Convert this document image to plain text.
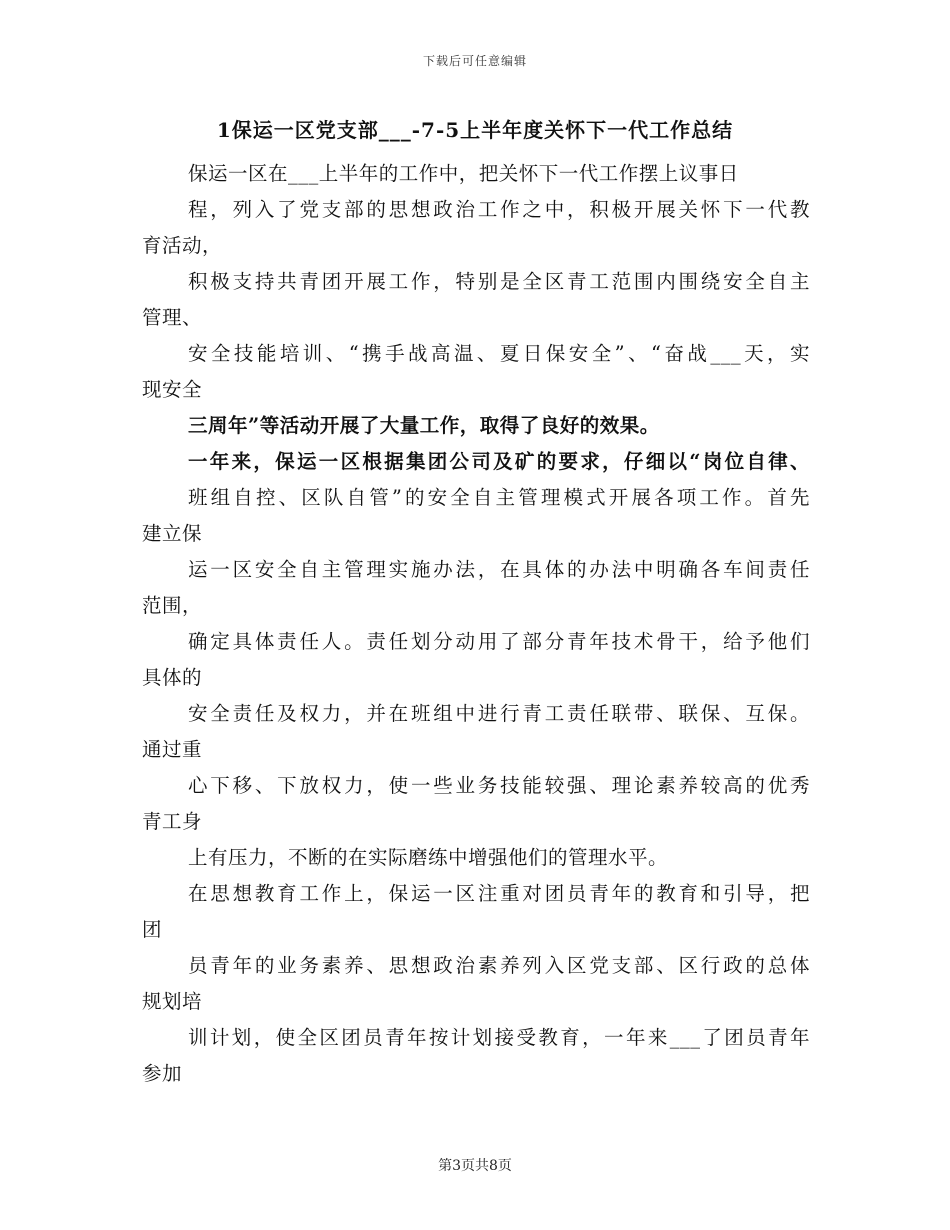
下载后可任意编辑
1保运一区党支部___-7-5上半年度关怀下一代工作总结
保运一区在___上半年的工作中，把关怀下一代工作摆上议事日
程，列入了党支部的思想政治工作之中，积极开展关怀下一代教
育活动，
积极支持共青团开展工作，特别是全区青工范围内围绕安全自主
管理、
安全技能培训、“携手战高温、夏日保安全”、“奋战___天，实
现安全
三周年”等活动开展了大量工作，取得了良好的效果。
一年来，保运一区根据集团公司及矿的要求，仔细以“岗位自律、
班组自控、区队自管”的安全自主管理模式开展各项工作。首先
建立保
运一区安全自主管理实施办法，在具体的办法中明确各车间责任
范围，
确定具体责任人。责任划分动用了部分青年技术骨干，给予他们
具体的
安全责任及权力，并在班组中进行青工责任联带、联保、互保。
通过重
心下移、下放权力，使一些业务技能较强、理论素养较高的优秀
青工身
上有压力，不断的在实际磨练中增强他们的管理水平。
在思想教育工作上，保运一区注重对团员青年的教育和引导，把
团
员青年的业务素养、思想政治素养列入区党支部、区行政的总体
规划培
训计划，使全区团员青年按计划接受教育，一年来___了团员青年
参加
第3页共8页
